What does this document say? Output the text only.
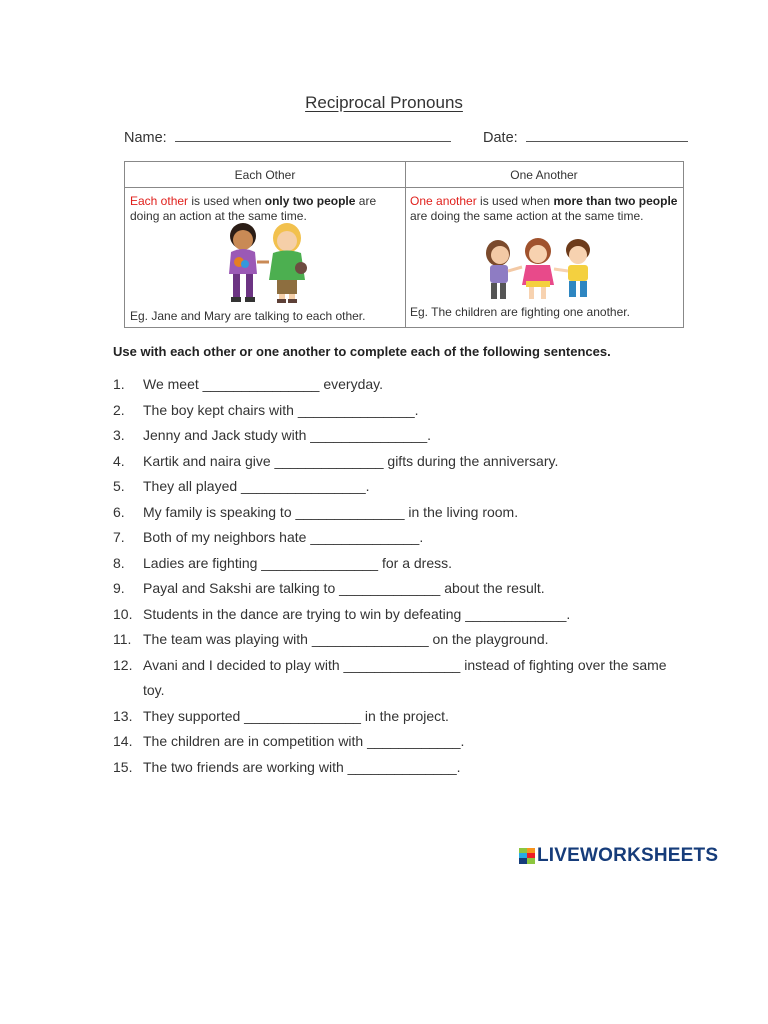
Reciprocal Pronouns
Name:	Date:
Each Other	One Another
Each other is used when only two people are doing an action at the same time.
One another is used when more than two people are doing the same action at the same time.
Eg. Jane and Mary are talking to each other.	Eg. The children are fighting one another.
Use with each other or one another to complete each of the following sentences.
1.	We meet _______________ everyday.
2.	The boy kept chairs with _______________.
3.	Jenny and Jack study with _______________.
4.	Kartik and naira give ______________ gifts during the anniversary.
5.	They all played ________________.
6.	My family is speaking to ______________ in the living room.
7.	Both of my neighbors hate ______________.
8.	Ladies are fighting _______________ for a dress.
9.	Payal and Sakshi are talking to _____________ about the result.
10. Students in the dance are trying to win by defeating _____________.
11. The team was playing with _______________ on the playground.
12. Avani and I decided to play with _______________ instead of fighting over the same toy.
13. They supported _______________ in the project.
14. The children are in competition with ____________.
15. The two friends are working with ______________.
LIVEWORKSHEETS
